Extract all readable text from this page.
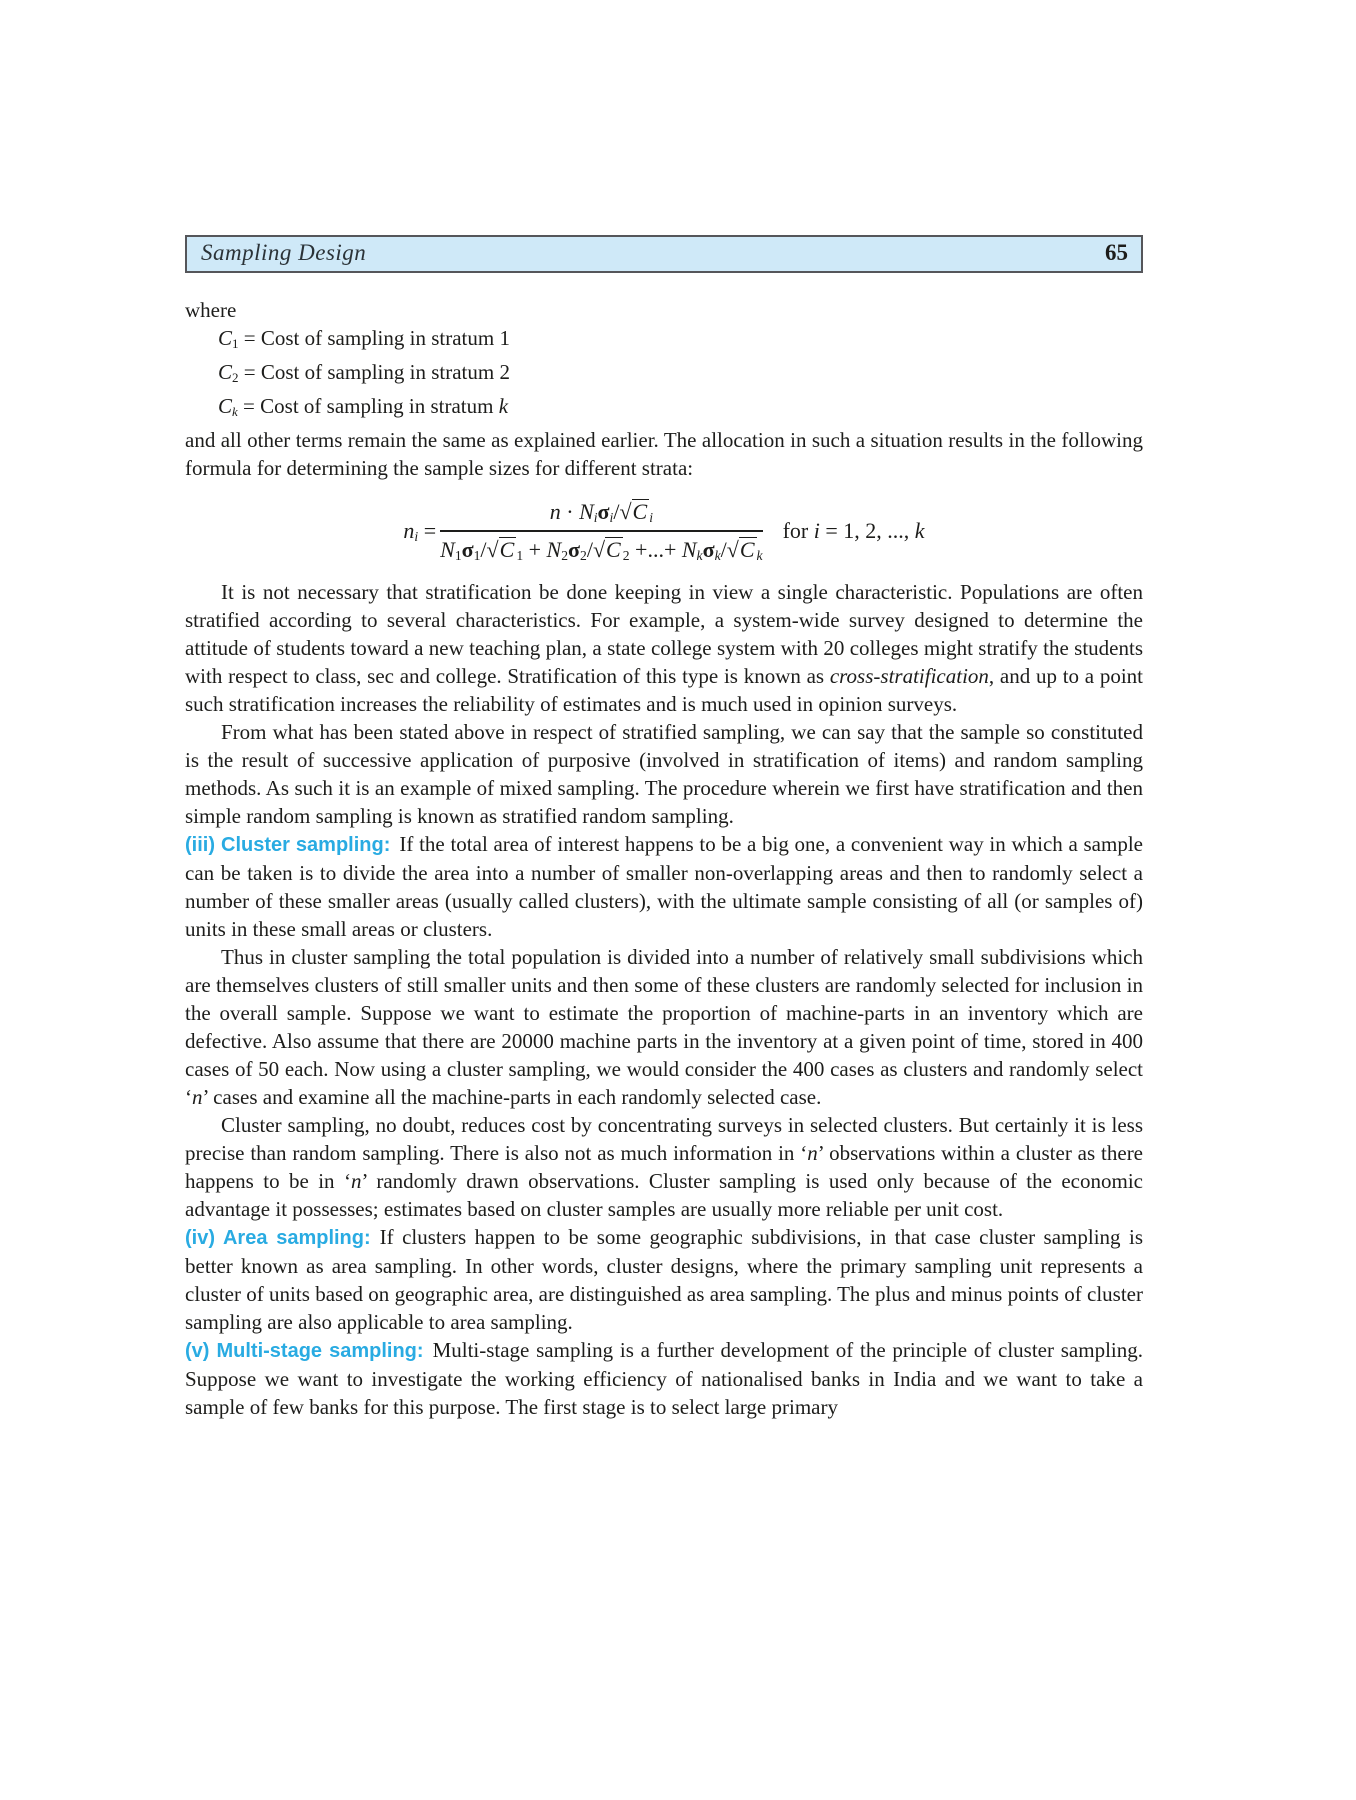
Sampling Design	65

where

C1 = Cost of sampling in stratum 1

C2 = Cost of sampling in stratum 2

Ck = Cost of sampling in stratum k

and all other terms remain the same as explained earlier. The allocation in such a situation results in the following formula for determining the sample sizes for different strata:

ni = $\frac{\text{n · Niσi/√C i}}{\text{N1σ1/√C 1 + N2σ2/√C 2 +...+ Nkσk/√C k}}$ for i = 1, 2, ..., k

It is not necessary that stratification be done keeping in view a single characteristic. Populations are often stratified according to several characteristics. For example, a system-wide survey designed to determine the attitude of students toward a new teaching plan, a state college system with 20 colleges might stratify the students with respect to class, sec and college. Stratification of this type is known as cross-stratification, and up to a point such stratification increases the reliability of estimates and is much used in opinion surveys.

From what has been stated above in respect of stratified sampling, we can say that the sample so constituted is the result of successive application of purposive (involved in stratification of items) and random sampling methods. As such it is an example of mixed sampling. The procedure wherein we first have stratification and then simple random sampling is known as stratified random sampling.

(iii) Cluster sampling: If the total area of interest happens to be a big one, a convenient way in which a sample can be taken is to divide the area into a number of smaller non-overlapping areas and then to randomly select a number of these smaller areas (usually called clusters), with the ultimate sample consisting of all (or samples of) units in these small areas or clusters.

Thus in cluster sampling the total population is divided into a number of relatively small subdivisions which are themselves clusters of still smaller units and then some of these clusters are randomly selected for inclusion in the overall sample. Suppose we want to estimate the proportion of machine-parts in an inventory which are defective. Also assume that there are 20000 machine parts in the inventory at a given point of time, stored in 400 cases of 50 each. Now using a cluster sampling, we would consider the 400 cases as clusters and randomly select ‘n’ cases and examine all the machine-parts in each randomly selected case.

Cluster sampling, no doubt, reduces cost by concentrating surveys in selected clusters. But certainly it is less precise than random sampling. There is also not as much information in ‘n’ observations within a cluster as there happens to be in ‘n’ randomly drawn observations. Cluster sampling is used only because of the economic advantage it possesses; estimates based on cluster samples are usually more reliable per unit cost.

(iv) Area sampling: If clusters happen to be some geographic subdivisions, in that case cluster sampling is better known as area sampling. In other words, cluster designs, where the primary sampling unit represents a cluster of units based on geographic area, are distinguished as area sampling. The plus and minus points of cluster sampling are also applicable to area sampling.

(v) Multi-stage sampling: Multi-stage sampling is a further development of the principle of cluster sampling. Suppose we want to investigate the working efficiency of nationalised banks in India and we want to take a sample of few banks for this purpose. The first stage is to select large primary
